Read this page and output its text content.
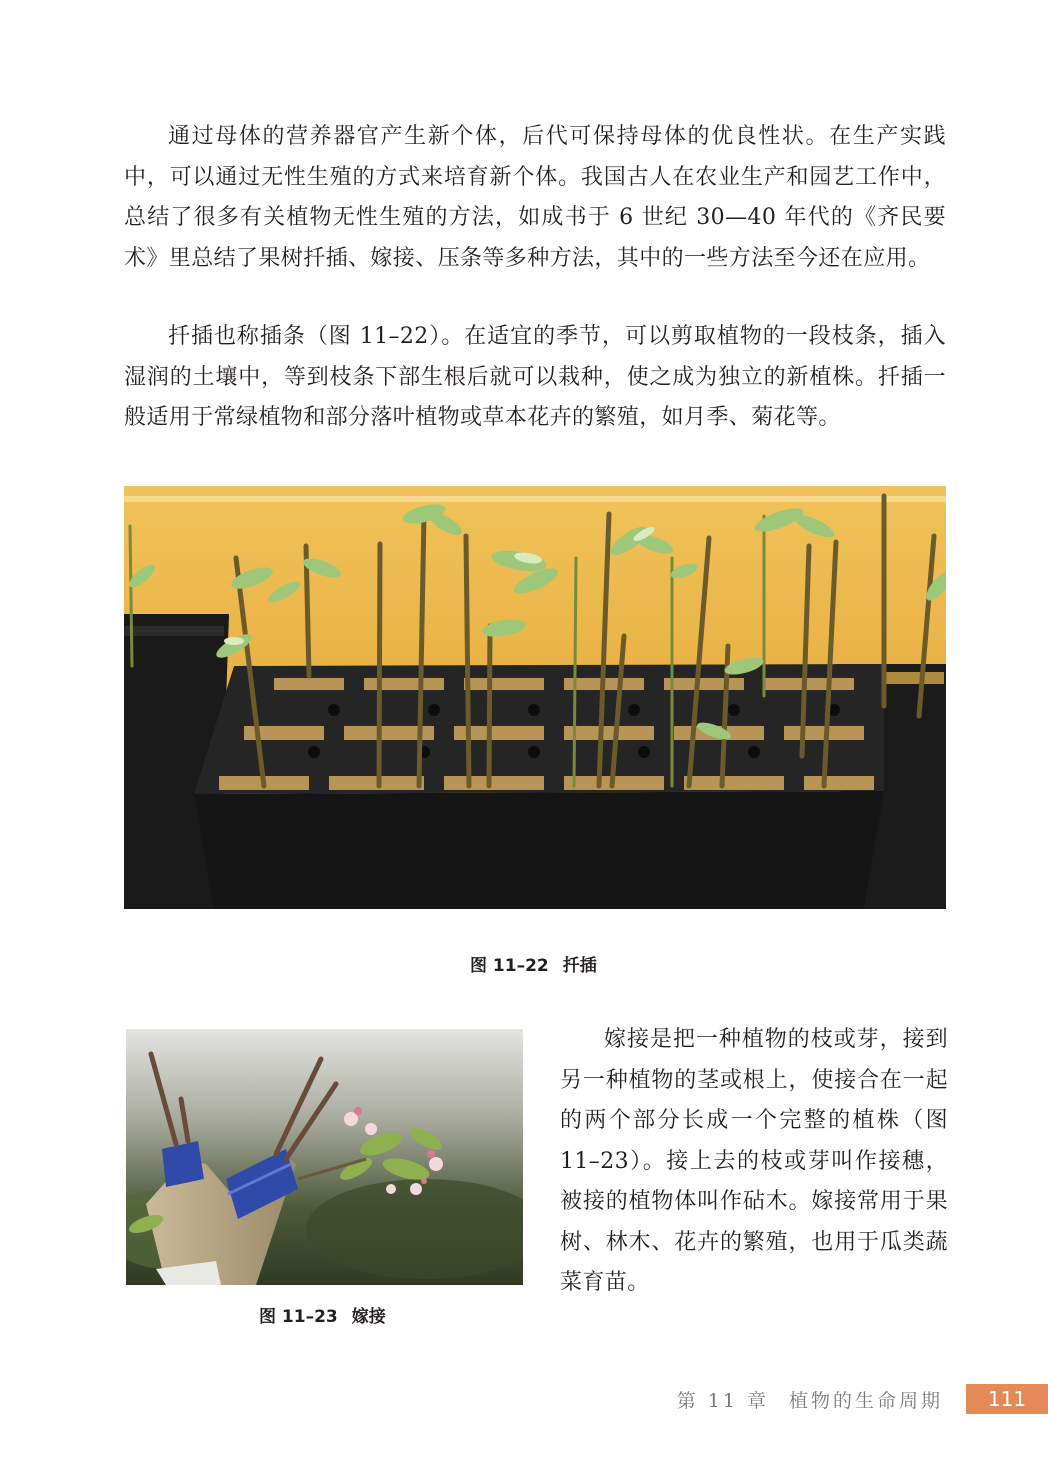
通过母体的营养器官产生新个体，后代可保持母体的优良性状。在生产实践中，可以通过无性生殖的方式来培育新个体。我国古人在农业生产和园艺工作中，总结了很多有关植物无性生殖的方法，如成书于 6 世纪 30—40 年代的《齐民要术》里总结了果树扦插、嫁接、压条等多种方法，其中的一些方法至今还在应用。

扦插也称插条（图 11–22）。在适宜的季节，可以剪取植物的一段枝条，插入湿润的土壤中，等到枝条下部生根后就可以栽种，使之成为独立的新植株。扦插一般适用于常绿植物和部分落叶植物或草本花卉的繁殖，如月季、菊花等。

图 11–22 扦插
图 11–23 嫁接

嫁接是把一种植物的枝或芽，接到另一种植物的茎或根上，使接合在一起的两个部分长成一个完整的植株（图 11–23）。接上去的枝或芽叫作接穗，被接的植物体叫作砧木。嫁接常用于果树、林木、花卉的繁殖，也用于瓜类蔬菜育苗。

第 11 章 植物的生命周期	111
